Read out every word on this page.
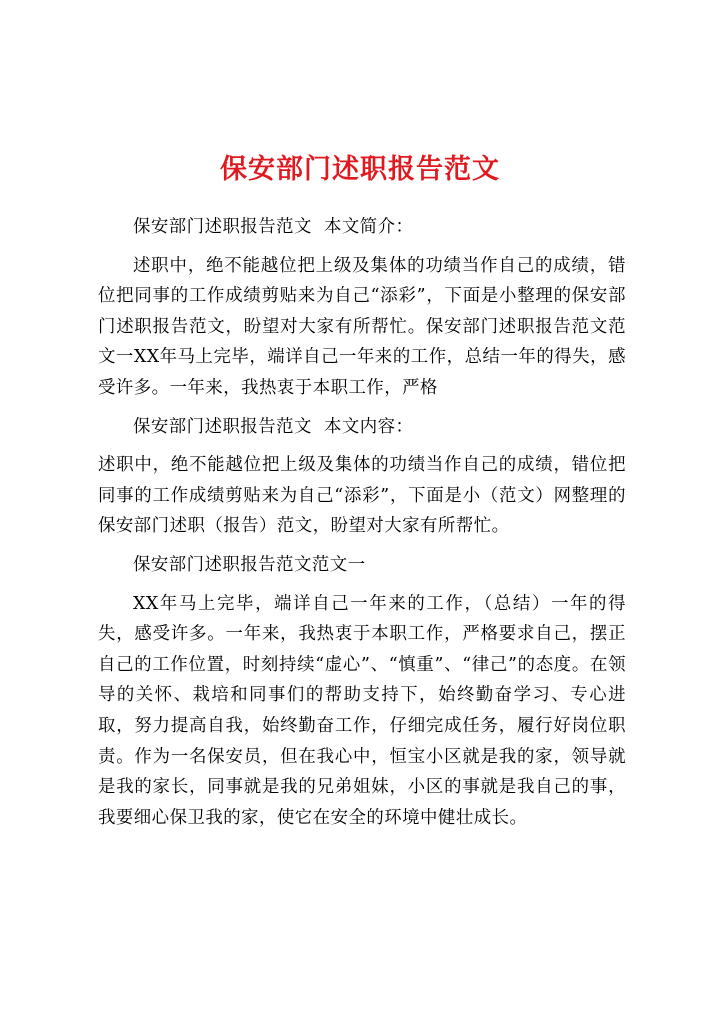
保安部门述职报告范文

保安部门述职报告范文  本文简介：

述职中，绝不能越位把上级及集体的功绩当作自己的成绩，错位把同事的工作成绩剪贴来为自己“添彩”，下面是小整理的保安部门述职报告范文，盼望对大家有所帮忙。保安部门述职报告范文范文一XX年马上完毕，端详自己一年来的工作，总结一年的得失，感受许多。一年来，我热衷于本职工作，严格

保安部门述职报告范文  本文内容：

述职中，绝不能越位把上级及集体的功绩当作自己的成绩，错位把同事的工作成绩剪贴来为自己“添彩”，下面是小（范文）网整理的保安部门述职（报告）范文，盼望对大家有所帮忙。

保安部门述职报告范文范文一

XX年马上完毕，端详自己一年来的工作，（总结）一年的得失，感受许多。一年来，我热衷于本职工作，严格要求自己，摆正自己的工作位置，时刻持续“虚心”、“慎重”、“律己”的态度。在领导的关怀、栽培和同事们的帮助支持下，始终勤奋学习、专心进取，努力提高自我，始终勤奋工作，仔细完成任务，履行好岗位职责。作为一名保安员，但在我心中，恒宝小区就是我的家，领导就是我的家长，同事就是我的兄弟姐妹，小区的事就是我自己的事，我要细心保卫我的家，使它在安全的环境中健壮成长。
